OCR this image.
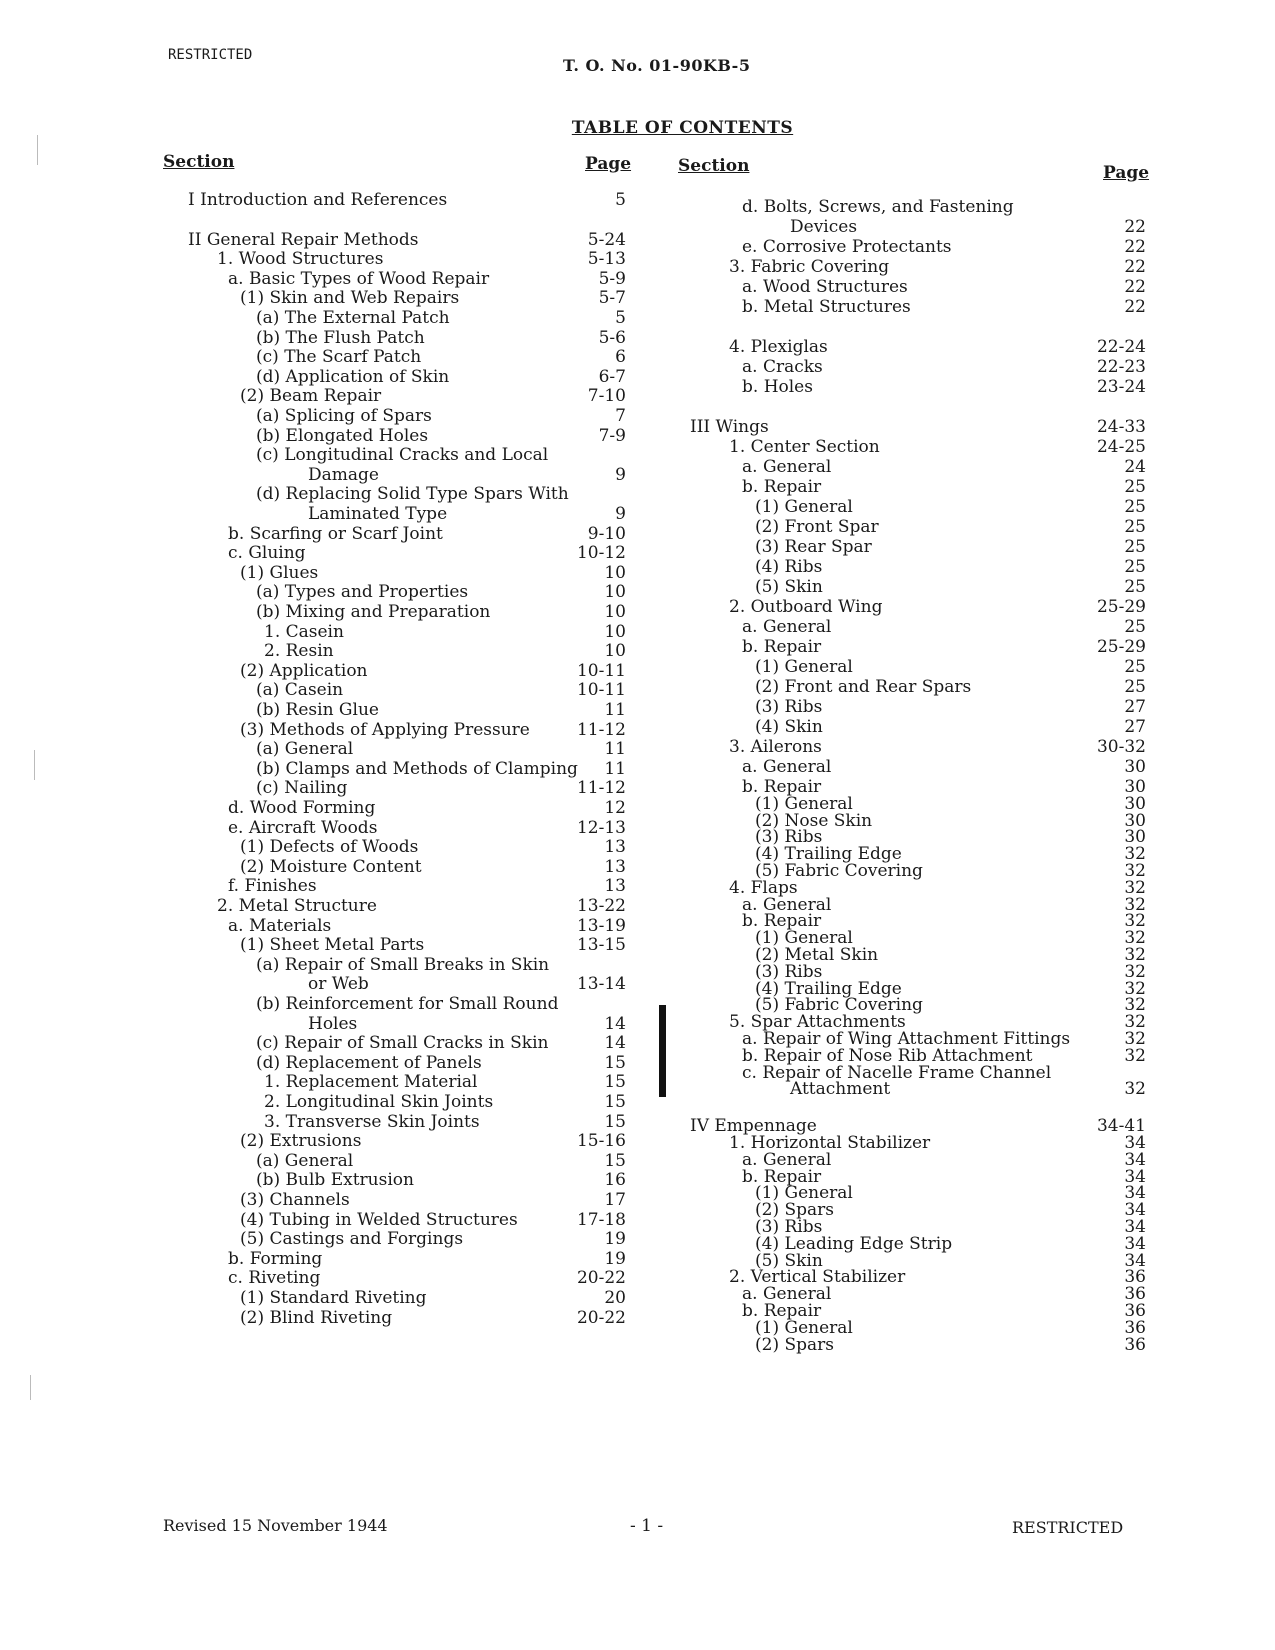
RESTRICTED
T. O. No. 01-90KB-5
TABLE OF CONTENTS
Section	Page	Section	Page
I Introduction and References	5
II General Repair Methods	5-24
1. Wood Structures	5-13
a. Basic Types of Wood Repair	5-9
(1) Skin and Web Repairs	5-7
(a) The External Patch	5
(b) The Flush Patch	5-6
(c) The Scarf Patch	6
(d) Application of Skin	6-7
(2) Beam Repair	7-10
(a) Splicing of Spars	7
(b) Elongated Holes	7-9
(c) Longitudinal Cracks and Local
Damage	9
(d) Replacing Solid Type Spars With
Laminated Type	9
b. Scarfing or Scarf Joint	9-10
c. Gluing	10-12
(1) Glues	10
(a) Types and Properties	10
(b) Mixing and Preparation	10
1. Casein	10
2. Resin	10
(2) Application	10-11
(a) Casein	10-11
(b) Resin Glue	11
(3) Methods of Applying Pressure	11-12
(a) General	11
(b) Clamps and Methods of Clamping	11
(c) Nailing	11-12
d. Wood Forming	12
e. Aircraft Woods	12-13
(1) Defects of Woods	13
(2) Moisture Content	13
f. Finishes	13
2. Metal Structure	13-22
a. Materials	13-19
(1) Sheet Metal Parts	13-15
(a) Repair of Small Breaks in Skin
or Web	13-14
(b) Reinforcement for Small Round
Holes	14
(c) Repair of Small Cracks in Skin	14
(d) Replacement of Panels	15
1. Replacement Material	15
2. Longitudinal Skin Joints	15
3. Transverse Skin Joints	15
(2) Extrusions	15-16
(a) General	15
(b) Bulb Extrusion	16
(3) Channels	17
(4) Tubing in Welded Structures	17-18
(5) Castings and Forgings	19
b. Forming	19
c. Riveting	20-22
(1) Standard Riveting	20
(2) Blind Riveting	20-22
d. Bolts, Screws, and Fastening
Devices	22
e. Corrosive Protectants	22
3. Fabric Covering	22
a. Wood Structures	22
b. Metal Structures	22
4. Plexiglas	22-24
a. Cracks	22-23
b. Holes	23-24
III Wings	24-33
1. Center Section	24-25
a. General	24
b. Repair	25
(1) General	25
(2) Front Spar	25
(3) Rear Spar	25
(4) Ribs	25
(5) Skin	25
2. Outboard Wing	25-29
a. General	25
b. Repair	25-29
(1) General	25
(2) Front and Rear Spars	25
(3) Ribs	27
(4) Skin	27
3. Ailerons	30-32
a. General	30
b. Repair	30
(1) General	30
(2) Nose Skin	30
(3) Ribs	30
(4) Trailing Edge	32
(5) Fabric Covering	32
4. Flaps	32
a. General	32
b. Repair	32
(1) General	32
(2) Metal Skin	32
(3) Ribs	32
(4) Trailing Edge	32
(5) Fabric Covering	32
5. Spar Attachments	32
a. Repair of Wing Attachment Fittings	32
b. Repair of Nose Rib Attachment	32
c. Repair of Nacelle Frame Channel
Attachment	32
IV Empennage	34-41
1. Horizontal Stabilizer	34
a. General	34
b. Repair	34
(1) General	34
(2) Spars	34
(3) Ribs	34
(4) Leading Edge Strip	34
(5) Skin	34
2. Vertical Stabilizer	36
a. General	36
b. Repair	36
(1) General	36
(2) Spars	36
Revised 15 November 1944	- 1 -	RESTRICTED
